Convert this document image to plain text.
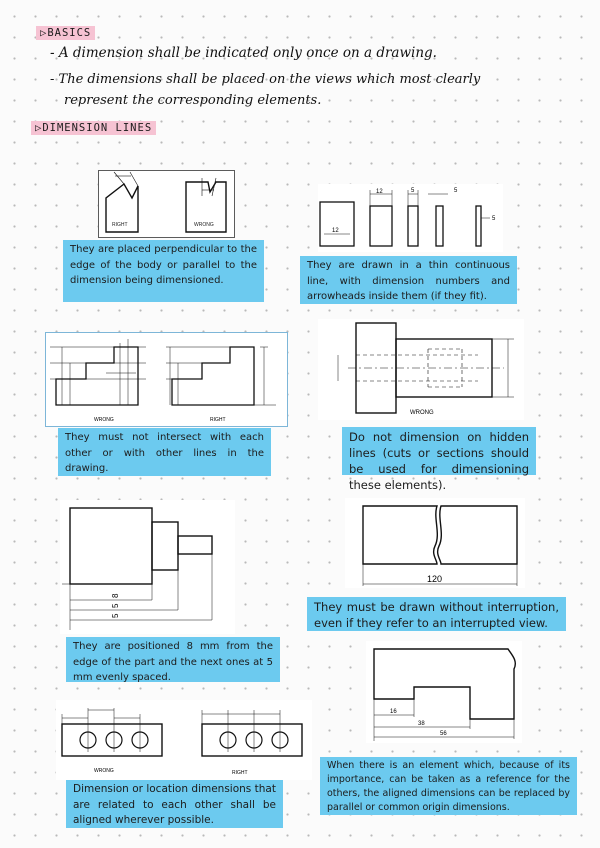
▷BASICS
- A dimension shall be indicated only once on a drawing.
- The dimensions shall be placed on the views which most clearly
represent the corresponding elements.
▷DIMENSION LINES
RIGHT	WRONG
They are placed perpendicular to the edge of the body or parallel to the dimension being dimensioned.
12
12	5	5
5
They are drawn in a thin continuous line, with dimension numbers and arrowheads inside them (if they fit).
WRONG	RIGHT
They must not intersect with each other or with other lines in the drawing.
WRONG
Do not dimension on hidden lines (cuts or sections should be used for dimensioning these elements).
8
5
5
They are positioned 8 mm from the edge of the part and the next ones at 5 mm evenly spaced.
120
They must be drawn without interruption, even if they refer to an interrupted view.
WRONG	RIGHT
Dimension or location dimensions that are related to each other shall be aligned wherever possible.
16
38
56
When there is an element which, because of its importance, can be taken as a reference for the others, the aligned dimensions can be replaced by parallel or common origin dimensions.
